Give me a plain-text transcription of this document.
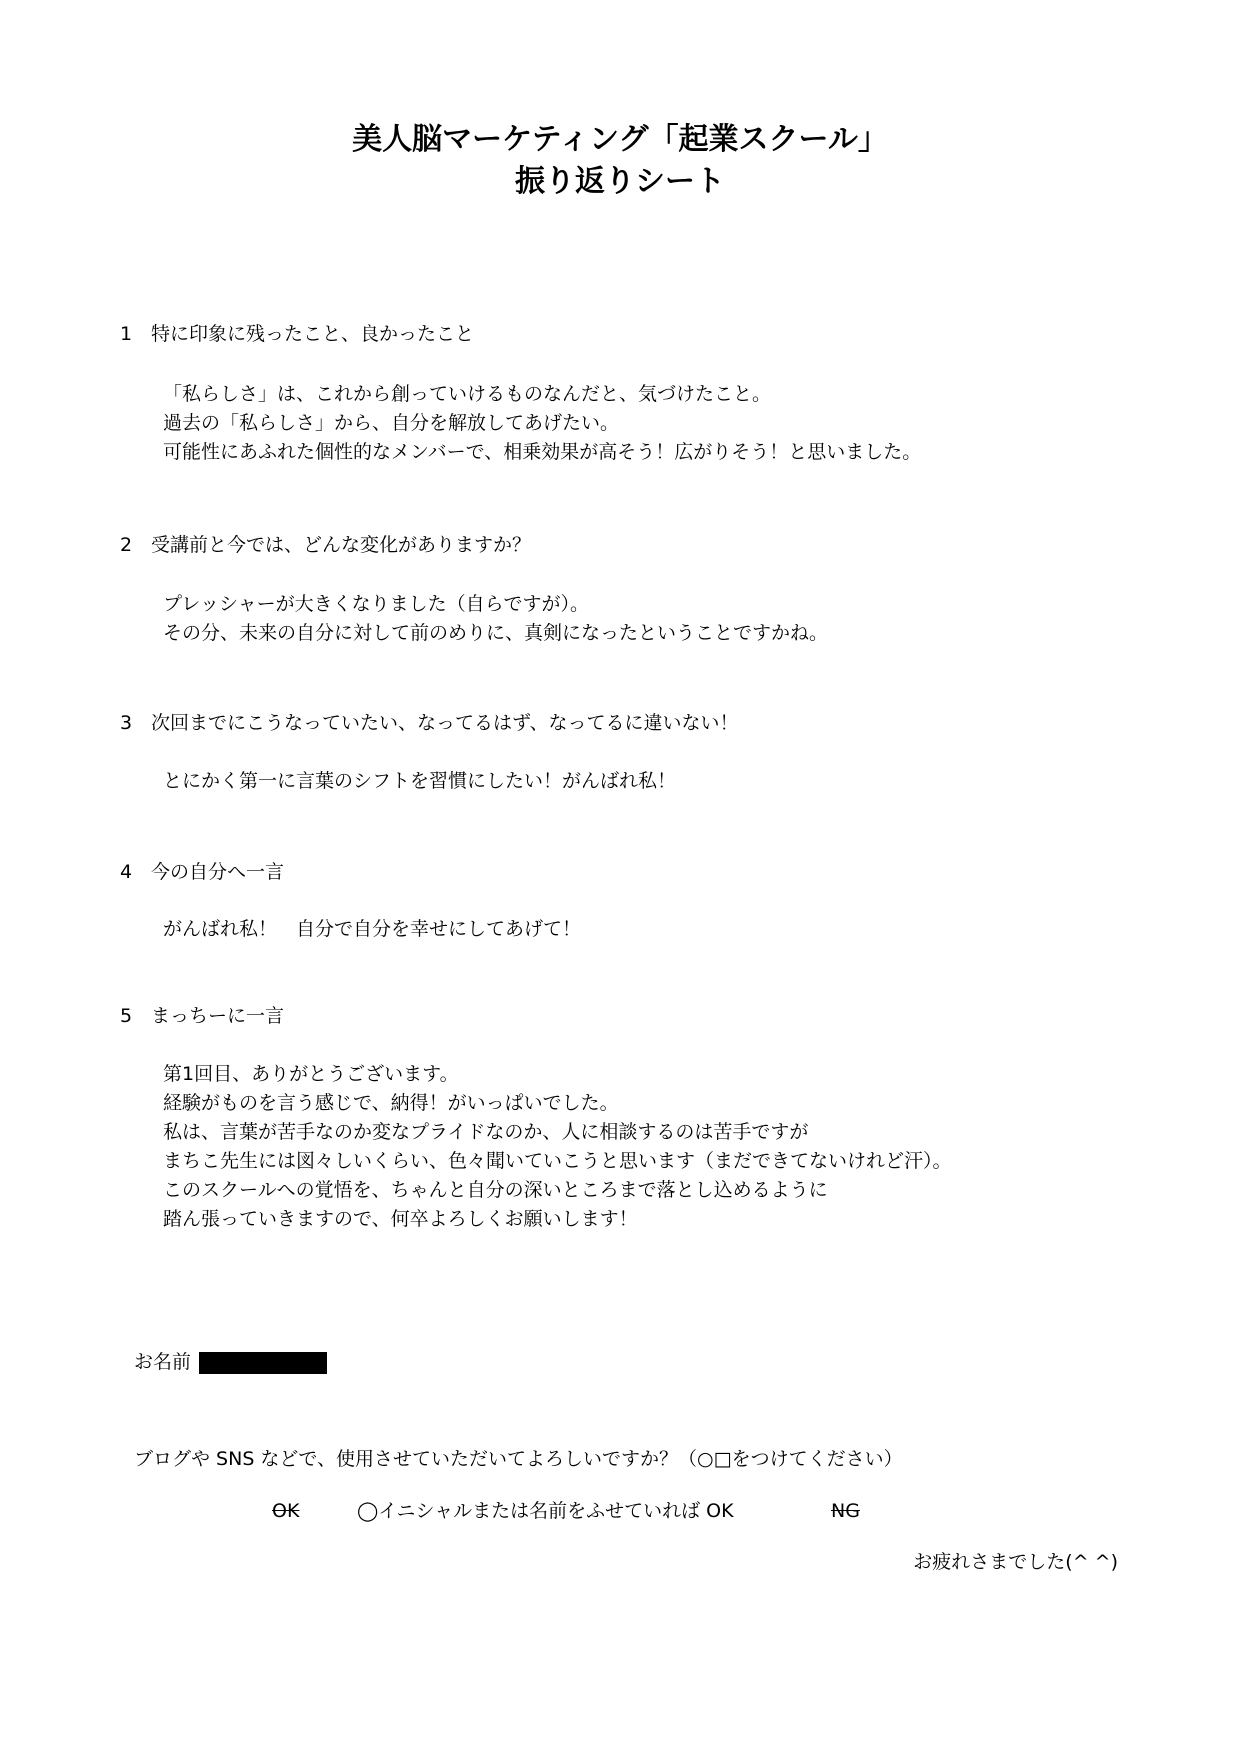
美人脳マーケティング「起業スクール」
振り返りシート
1 特に印象に残ったこと、良かったこと
「私らしさ」は、これから創っていけるものなんだと、気づけたこと。
過去の「私らしさ」から、自分を解放してあげたい。
可能性にあふれた個性的なメンバーで、相乗効果が高そう！広がりそう！と思いました。
2 受講前と今では、どんな変化がありますか？
プレッシャーが大きくなりました（自らですが）。
その分、未来の自分に対して前のめりに、真剣になったということですかね。
3 次回までにこうなっていたい、なってるはず、なってるに違いない！
とにかく第一に言葉のシフトを習慣にしたい！がんばれ私！
4 今の自分へ一言
がんばれ私！　自分で自分を幸せにしてあげて！
5 まっちーに一言
第1回目、ありがとうございます。
経験がものを言う感じで、納得！がいっぱいでした。
私は、言葉が苦手なのか変なプライドなのか、人に相談するのは苦手ですが
まちこ先生には図々しいくらい、色々聞いていこうと思います（まだできてないけれど汗）。
このスクールへの覚悟を、ちゃんと自分の深いところまで落とし込めるように
踏ん張っていきますので、何卒よろしくお願いします！
お名前
ブログや SNS などで、使用させていただいてよろしいですか？（○□をつけてください）
OK	◯イニシャルまたは名前をふせていれば OK	NG
お疲れさまでした(^ ^)
